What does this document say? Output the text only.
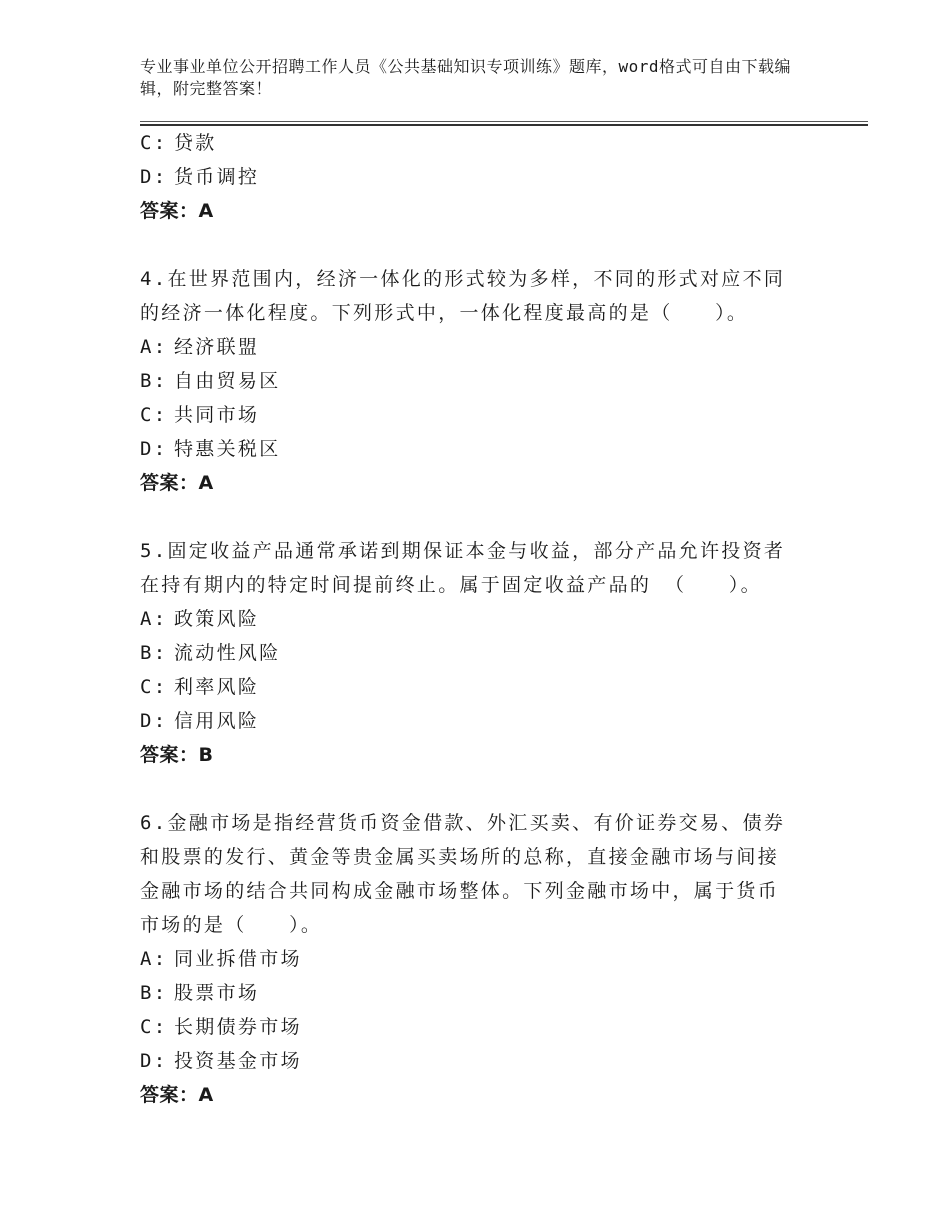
专业事业单位公开招聘工作人员《公共基础知识专项训练》题库，word格式可自由下载编辑，附完整答案！
C: 贷款
D: 货币调控
答案：A
4.在世界范围内，经济一体化的形式较为多样，不同的形式对应不同
的经济一体化程度。下列形式中，一体化程度最高的是（　　）。
A: 经济联盟
B: 自由贸易区
C: 共同市场
D: 特惠关税区
答案：A
5.固定收益产品通常承诺到期保证本金与收益，部分产品允许投资者
在持有期内的特定时间提前终止。属于固定收益产品的 （　　）。
A: 政策风险
B: 流动性风险
C: 利率风险
D: 信用风险
答案：B
6.金融市场是指经营货币资金借款、外汇买卖、有价证券交易、债券
和股票的发行、黄金等贵金属买卖场所的总称，直接金融市场与间接
金融市场的结合共同构成金融市场整体。下列金融市场中，属于货币
市场的是（　　）。
A: 同业拆借市场
B: 股票市场
C: 长期债券市场
D: 投资基金市场
答案：A
